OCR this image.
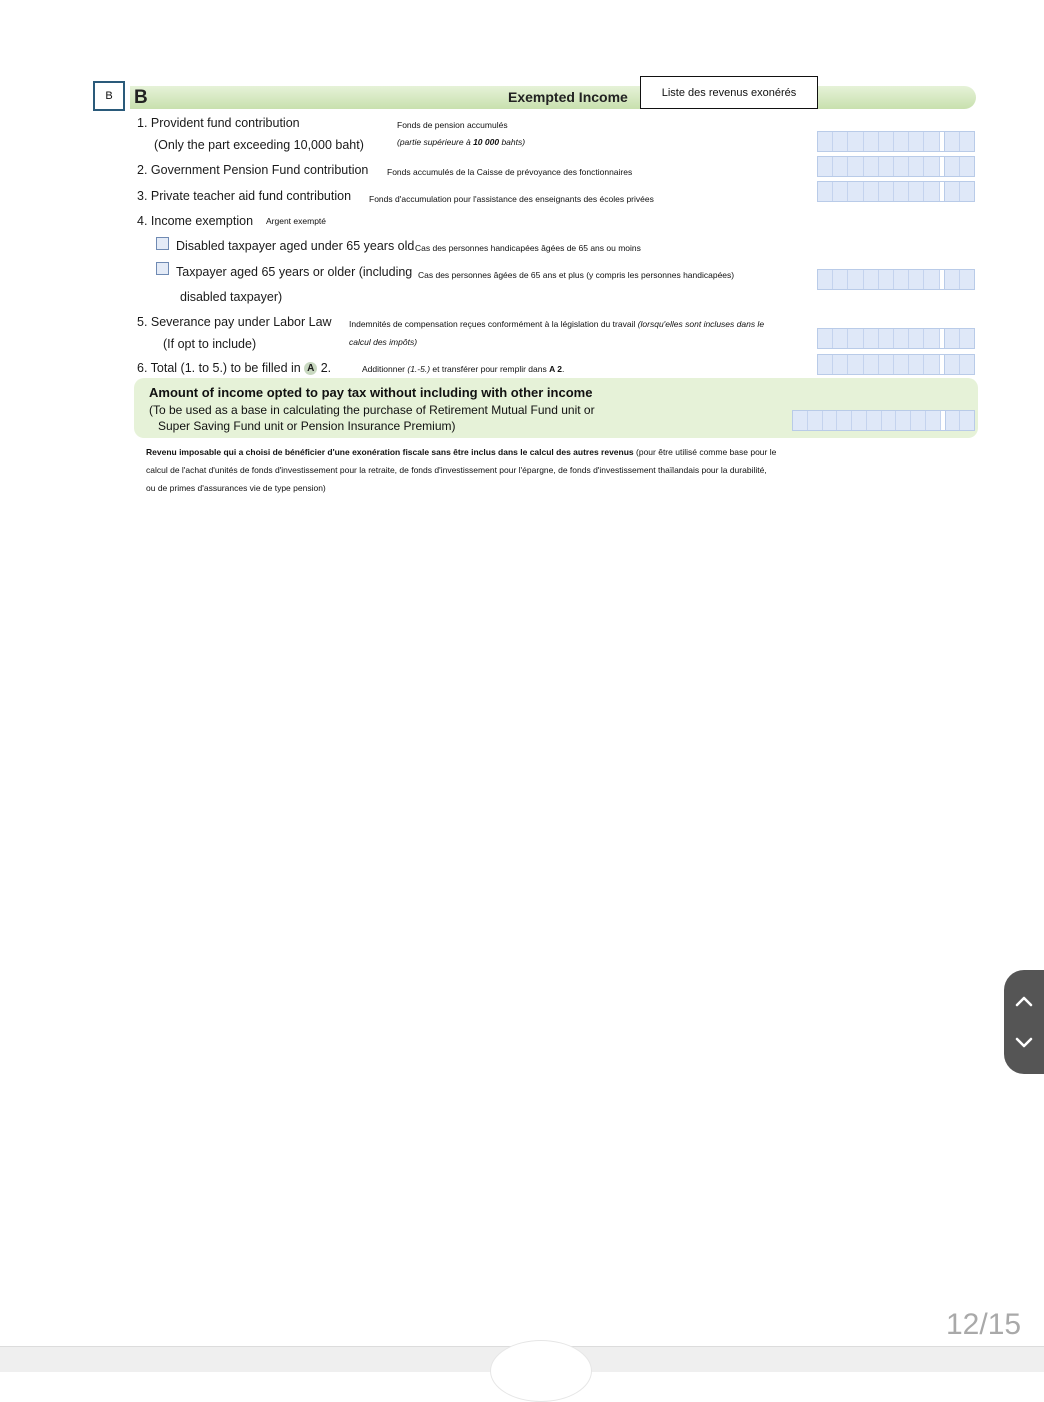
B	B	Exempted Income	Liste des revenus exonérés
1. Provident fund contribution
(Only the part exceeding 10,000 baht)
Fonds de pension accumulés
(partie supérieure à 10 000 bahts)
2. Government Pension Fund contribution Fonds accumulés de la Caisse de prévoyance des fonctionnaires
3. Private teacher aid fund contribution Fonds d'accumulation pour l'assistance des enseignants des écoles privées
4. Income exemption Argent exempté
Disabled taxpayer aged under 65 years old Cas des personnes handicapées âgées de 65 ans ou moins
Taxpayer aged 65 years or older (including
disabled taxpayer)
Cas des personnes âgées de 65 ans et plus (y compris les personnes handicapées)
5. Severance pay under Labor Law
(If opt to include)
Indemnités de compensation reçues conformément à la législation du travail (lorsqu'elles sont incluses dans le
calcul des impôts)
6. Total (1. to 5.) to be filled in A 2.	Additionner (1.-5.) et transférer pour remplir dans A 2.
Amount of income opted to pay tax without including with other income
(To be used as a base in calculating the purchase of Retirement Mutual Fund unit or
Super Saving Fund unit or Pension Insurance Premium)
Revenu imposable qui a choisi de bénéficier d'une exonération fiscale sans être inclus dans le calcul des autres revenus (pour être utilisé comme base pour le
calcul de l'achat d'unités de fonds d'investissement pour la retraite, de fonds d'investissement pour l'épargne, de fonds d'investissement thaïlandais pour la durabilité,
ou de primes d'assurances vie de type pension)
12/15
